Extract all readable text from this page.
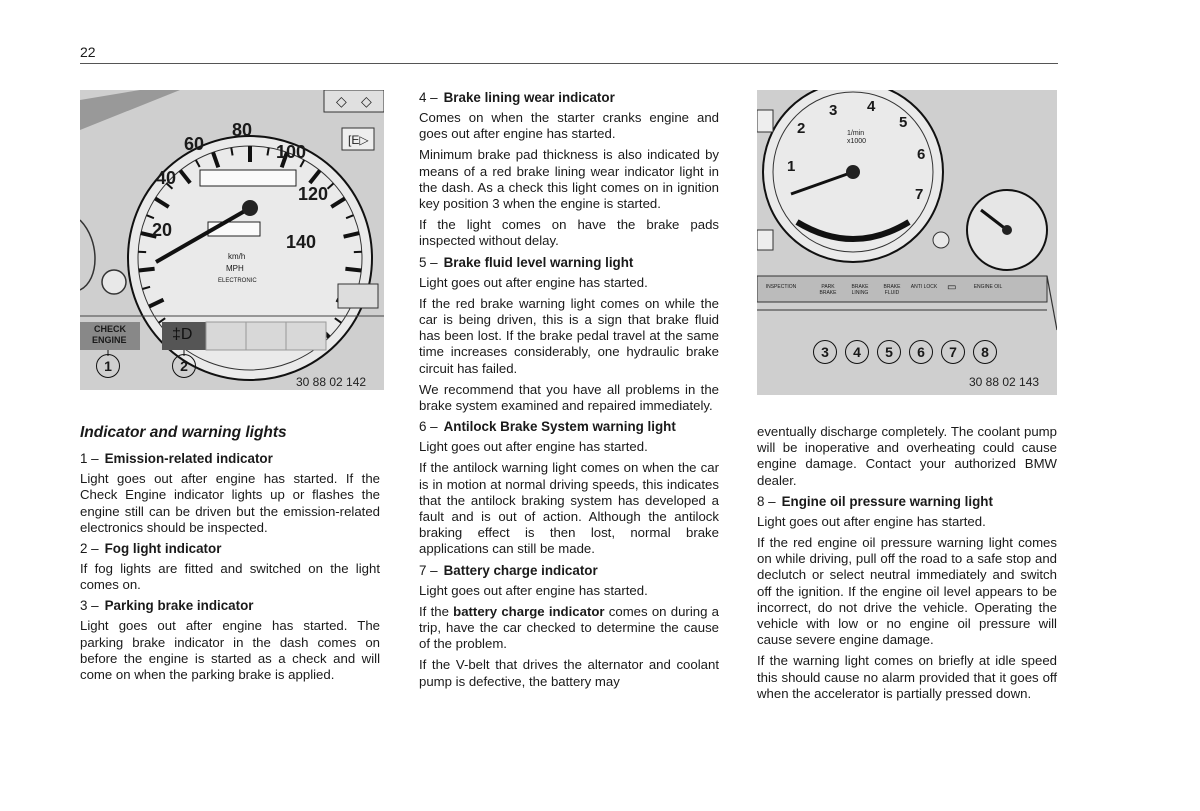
22
◇ ◇
[E▷
20
40
60
80
100
120
140
km/h
MPH
ELECTRONIC
CHECK
ENGINE	‡D
1	2
30 88 02 142
1
2
3 4
5
6
7
1/min
x1000
INSPECTION	PARK BRAKE
BRAKE LINING
BRAKE FLUID
ANTI LOCK ▭	ENGINE OIL
3	4	5	6	7	8
30 88 02 143
Indicator and warning lights
1 – Emission-related indicator

Light goes out after engine has started. If the Check Engine indicator lights up or flashes the engine still can be driven but the emission-related electronics should be inspected.

2 – Fog light indicator

If fog lights are fitted and switched on the light comes on.

3 – Parking brake indicator

Light goes out after engine has started. The parking brake indicator in the dash comes on before the engine is started as a check and will come on when the parking brake is applied.

4 – Brake lining wear indicator

Comes on when the starter cranks engine and goes out after engine has started.

Minimum brake pad thickness is also indicated by means of a red brake lining wear indicator light in the dash. As a check this light comes on in ignition key position 3 when the engine is started.

If the light comes on have the brake pads inspected without delay.

5 – Brake fluid level warning light

Light goes out after engine has started.

If the red brake warning light comes on while the car is being driven, this is a sign that brake fluid has been lost. If the brake pedal travel at the same time increases considerably, one hydraulic brake circuit has failed.

We recommend that you have all problems in the brake system examined and repaired immediately.

6 – Antilock Brake System warning light

Light goes out after engine has started.

If the antilock warning light comes on when the car is in motion at normal driving speeds, this indicates that the antilock braking system has developed a fault and is out of action. Although the antilock braking effect is then lost, normal brake applications can still be made.

7 – Battery charge indicator

Light goes out after engine has started.

If the battery charge indicator comes on during a trip, have the car checked to determine the cause of the problem.

If the V-belt that drives the alternator and coolant pump is defective, the battery may

eventually discharge completely. The coolant pump will be inoperative and overheating could cause engine damage. Contact your authorized BMW dealer.

8 – Engine oil pressure warning light

Light goes out after engine has started.

If the red engine oil pressure warning light comes on while driving, pull off the road to a safe stop and declutch or select neutral immediately and switch off the ignition. If the engine oil level appears to be incorrect, do not drive the vehicle. Operating the vehicle with low or no engine oil pressure will cause severe engine damage.

If the warning light comes on briefly at idle speed this should cause no alarm provided that it goes off when the accelerator is partially pressed down.
